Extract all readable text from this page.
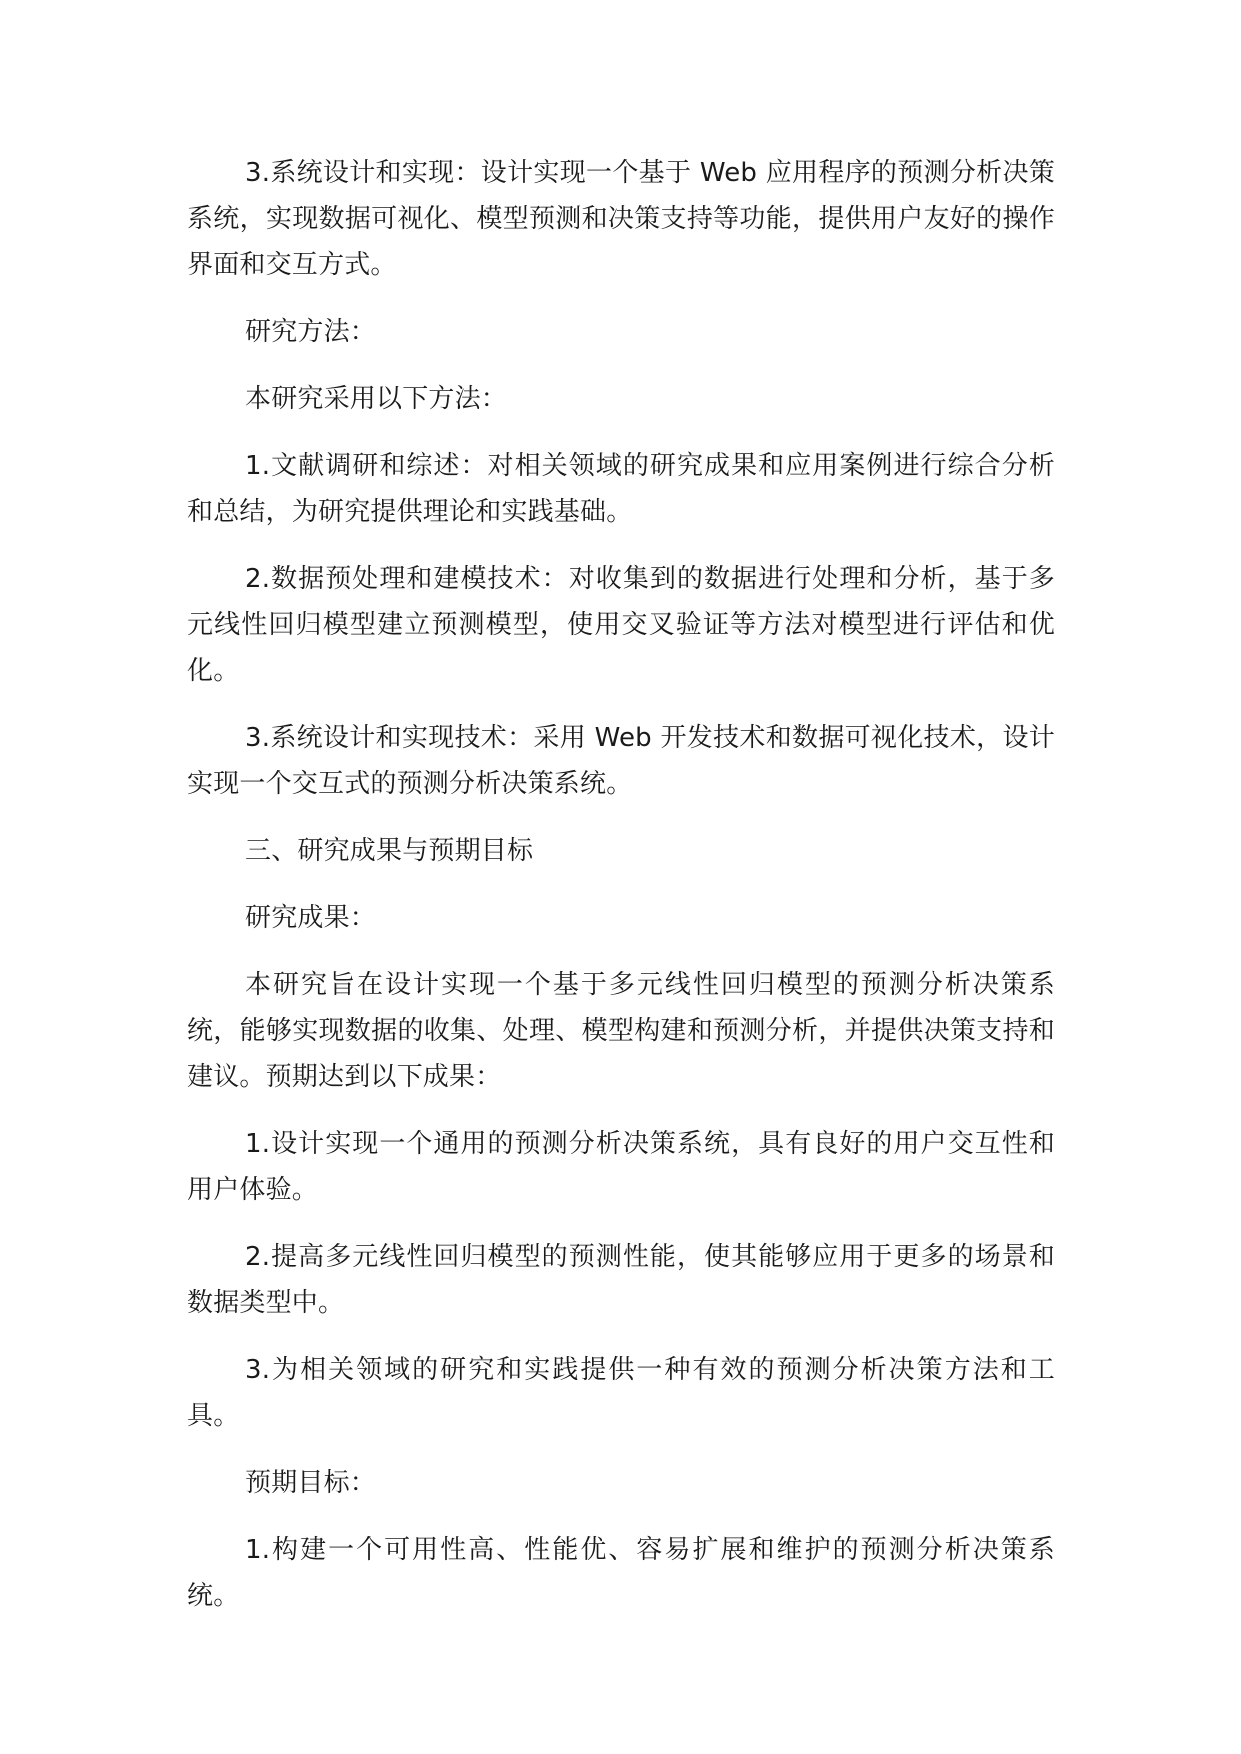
3.系统设计和实现：设计实现一个基于 Web 应用程序的预测分析决策系统，实现数据可视化、模型预测和决策支持等功能，提供用户友好的操作界面和交互方式。

研究方法：

本研究采用以下方法：

1.文献调研和综述：对相关领域的研究成果和应用案例进行综合分析和总结，为研究提供理论和实践基础。

2.数据预处理和建模技术：对收集到的数据进行处理和分析，基于多元线性回归模型建立预测模型，使用交叉验证等方法对模型进行评估和优化。

3.系统设计和实现技术：采用 Web 开发技术和数据可视化技术，设计实现一个交互式的预测分析决策系统。

三、研究成果与预期目标

研究成果：

本研究旨在设计实现一个基于多元线性回归模型的预测分析决策系统，能够实现数据的收集、处理、模型构建和预测分析，并提供决策支持和建议。预期达到以下成果：

1.设计实现一个通用的预测分析决策系统，具有良好的用户交互性和用户体验。

2.提高多元线性回归模型的预测性能，使其能够应用于更多的场景和数据类型中。

3.为相关领域的研究和实践提供一种有效的预测分析决策方法和工具。

预期目标：

1.构建一个可用性高、性能优、容易扩展和维护的预测分析决策系统。
